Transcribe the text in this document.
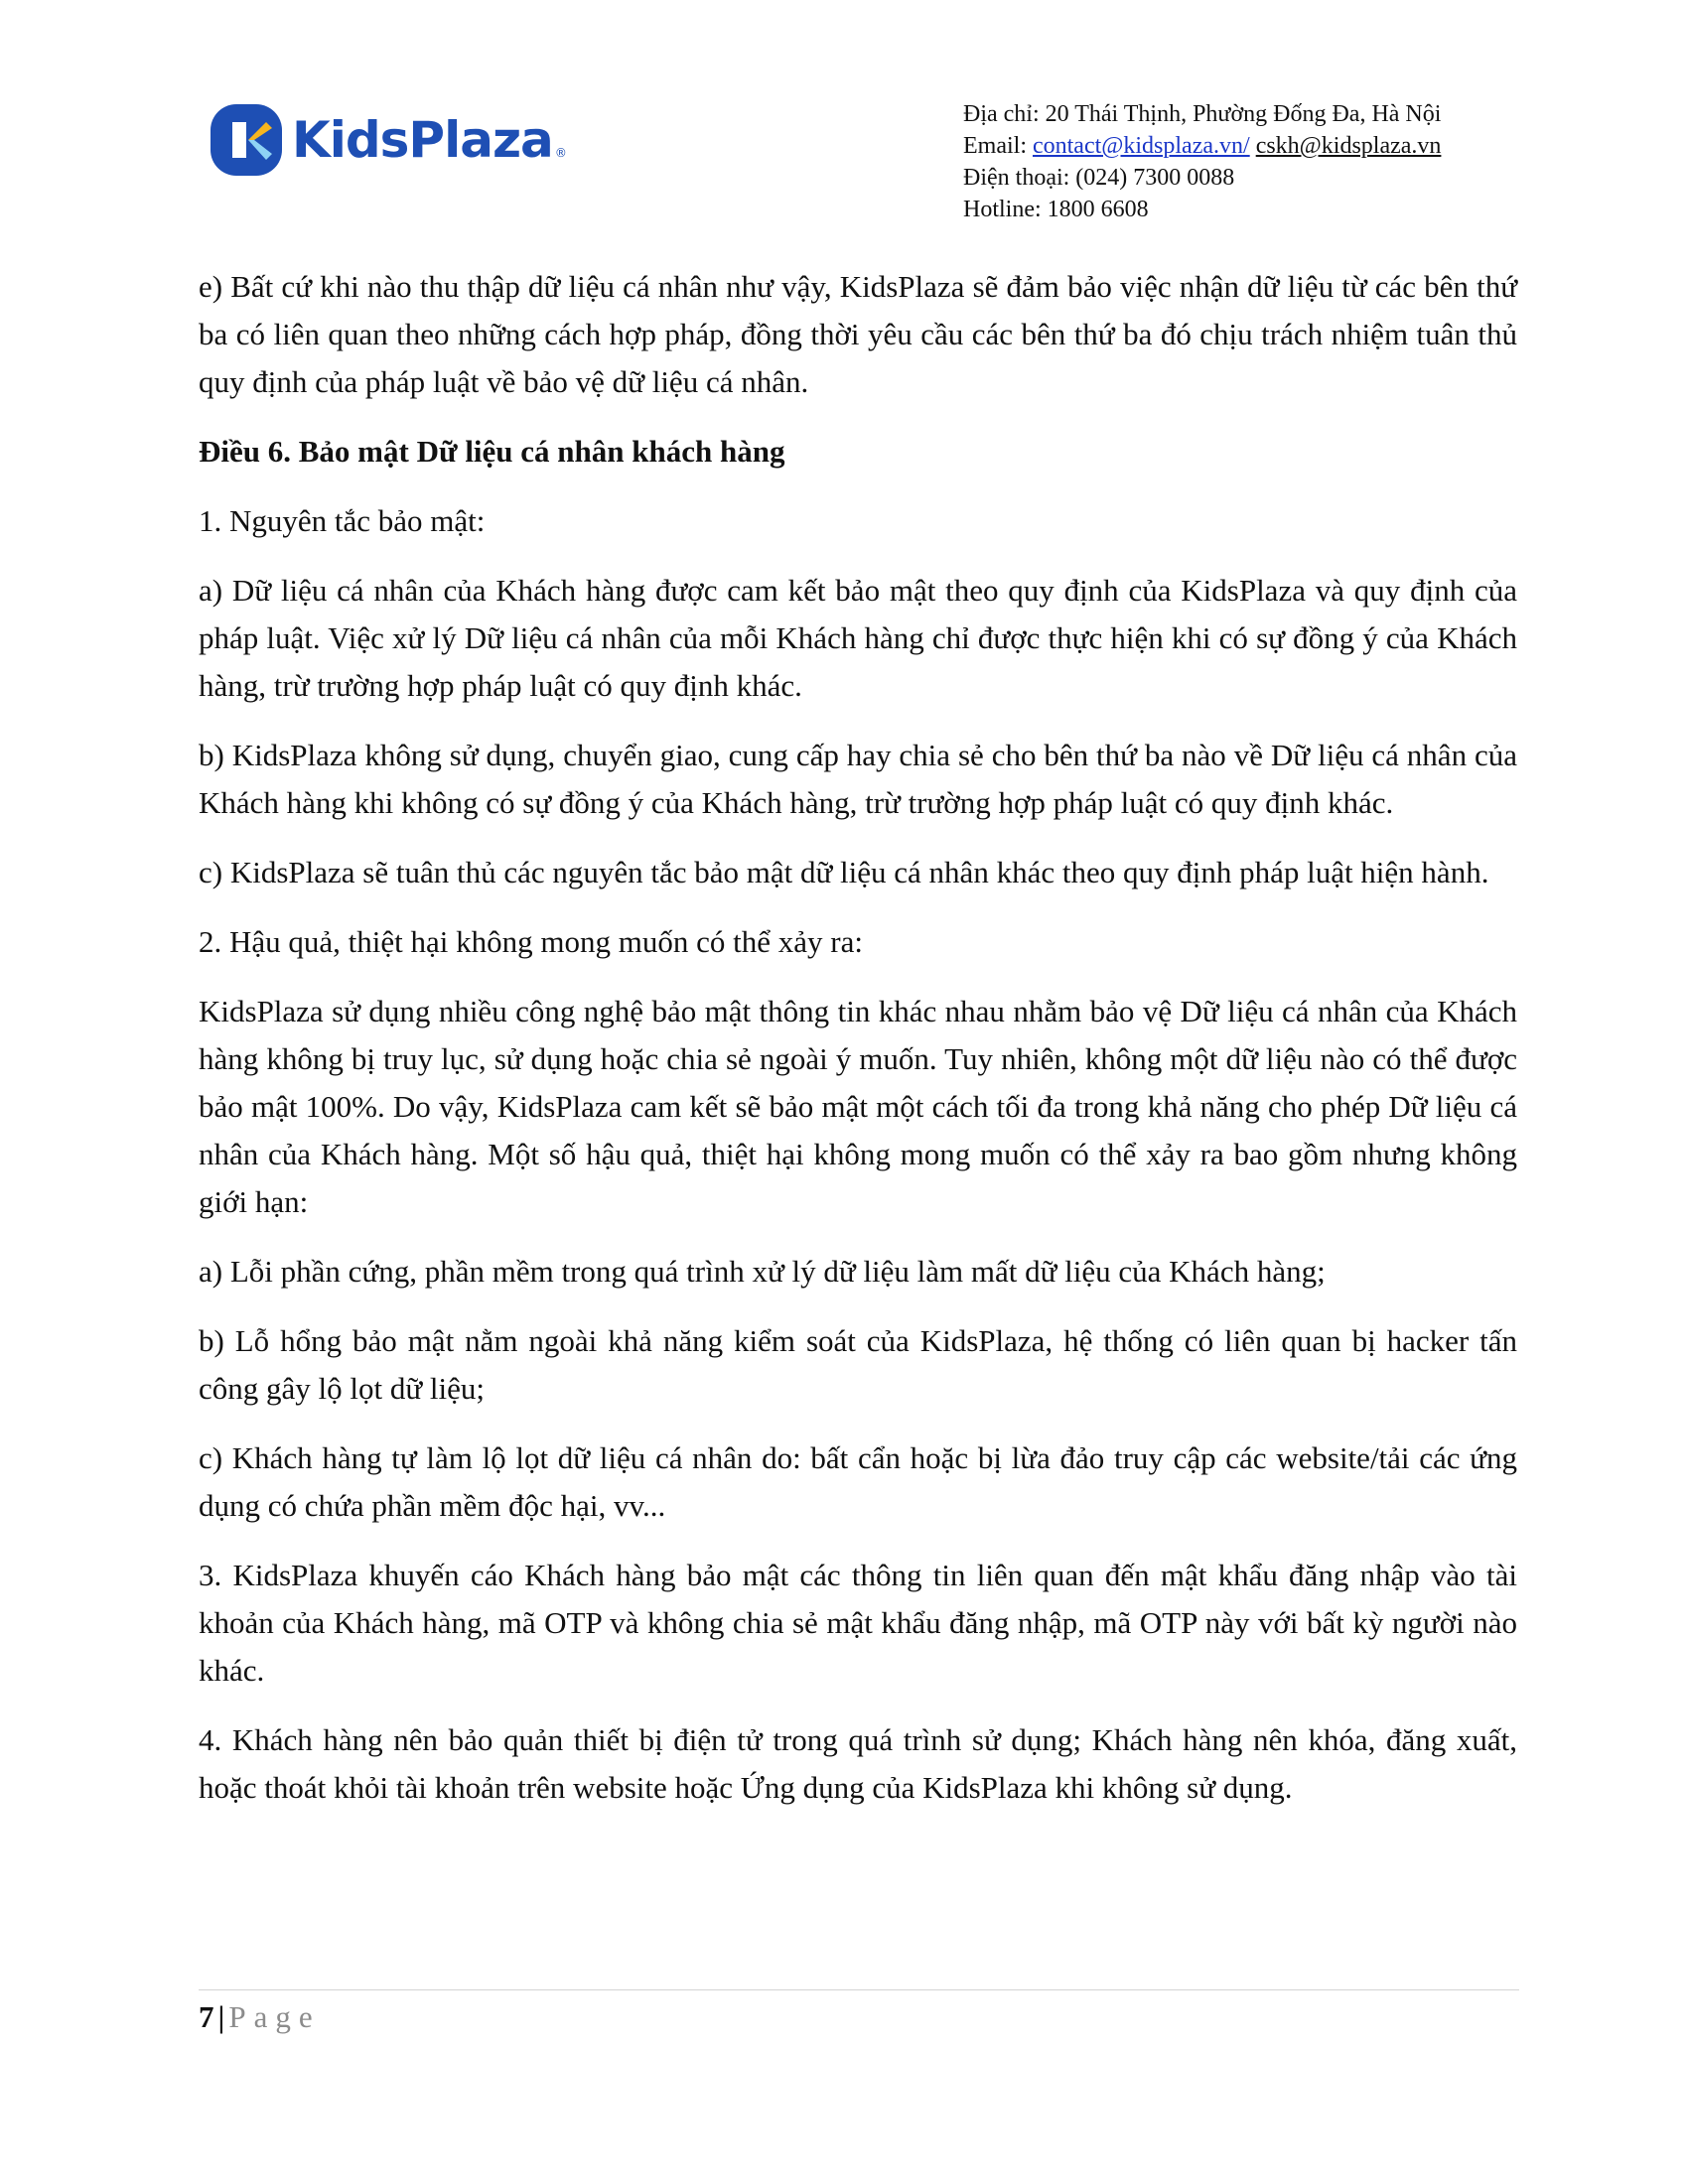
KidsPlaza ®
Địa chỉ: 20 Thái Thịnh, Phường Đống Đa, Hà Nội
Email: contact@kidsplaza.vn/ cskh@kidsplaza.vn
Điện thoại: (024) 7300 0088
Hotline: 1800 6608

e) Bất cứ khi nào thu thập dữ liệu cá nhân như vậy, KidsPlaza sẽ đảm bảo việc nhận dữ liệu từ các bên thứ ba có liên quan theo những cách hợp pháp, đồng thời yêu cầu các bên thứ ba đó chịu trách nhiệm tuân thủ quy định của pháp luật về bảo vệ dữ liệu cá nhân.

Điều 6. Bảo mật Dữ liệu cá nhân khách hàng

1. Nguyên tắc bảo mật:

a) Dữ liệu cá nhân của Khách hàng được cam kết bảo mật theo quy định của KidsPlaza và quy định của pháp luật. Việc xử lý Dữ liệu cá nhân của mỗi Khách hàng chỉ được thực hiện khi có sự đồng ý của Khách hàng, trừ trường hợp pháp luật có quy định khác.

b) KidsPlaza không sử dụng, chuyển giao, cung cấp hay chia sẻ cho bên thứ ba nào về Dữ liệu cá nhân của Khách hàng khi không có sự đồng ý của Khách hàng, trừ trường hợp pháp luật có quy định khác.

c) KidsPlaza sẽ tuân thủ các nguyên tắc bảo mật dữ liệu cá nhân khác theo quy định pháp luật hiện hành.

2. Hậu quả, thiệt hại không mong muốn có thể xảy ra:

KidsPlaza sử dụng nhiều công nghệ bảo mật thông tin khác nhau nhằm bảo vệ Dữ liệu cá nhân của Khách hàng không bị truy lục, sử dụng hoặc chia sẻ ngoài ý muốn. Tuy nhiên, không một dữ liệu nào có thể được bảo mật 100%. Do vậy, KidsPlaza cam kết sẽ bảo mật một cách tối đa trong khả năng cho phép Dữ liệu cá nhân của Khách hàng. Một số hậu quả, thiệt hại không mong muốn có thể xảy ra bao gồm nhưng không giới hạn:

a) Lỗi phần cứng, phần mềm trong quá trình xử lý dữ liệu làm mất dữ liệu của Khách hàng;

b) Lỗ hổng bảo mật nằm ngoài khả năng kiểm soát của KidsPlaza, hệ thống có liên quan bị hacker tấn công gây lộ lọt dữ liệu;

c) Khách hàng tự làm lộ lọt dữ liệu cá nhân do: bất cẩn hoặc bị lừa đảo truy cập các website/tải các ứng dụng có chứa phần mềm độc hại, vv...

3. KidsPlaza khuyến cáo Khách hàng bảo mật các thông tin liên quan đến mật khẩu đăng nhập vào tài khoản của Khách hàng, mã OTP và không chia sẻ mật khẩu đăng nhập, mã OTP này với bất kỳ người nào khác.

4. Khách hàng nên bảo quản thiết bị điện tử trong quá trình sử dụng; Khách hàng nên khóa, đăng xuất, hoặc thoát khỏi tài khoản trên website hoặc Ứng dụng của KidsPlaza khi không sử dụng.

7 | Page
